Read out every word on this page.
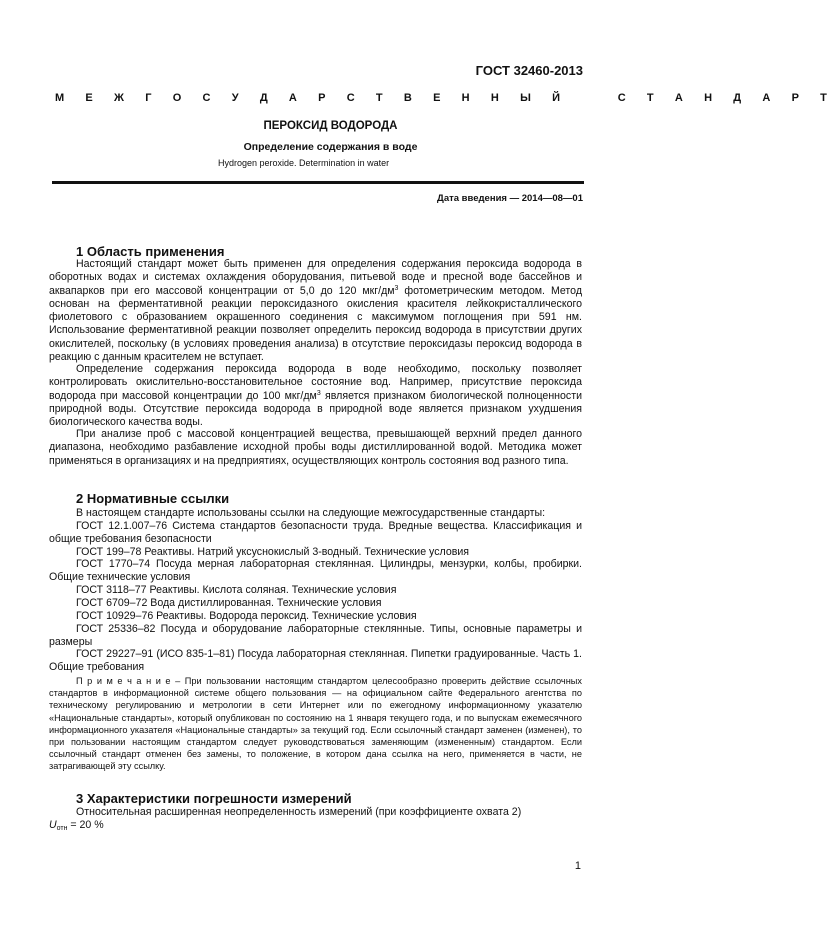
ГОСТ 32460-2013
М Е Ж Г О С У Д А Р С Т В Е Н Н Ы Й    С Т А Н Д А Р Т
ПЕРОКСИД ВОДОРОДА
Определение содержания в воде
Hydrogen peroxide. Determination in water
Дата введения — 2014—08—01
1 Область применения

Настоящий стандарт может быть применен для определения содержания пероксида водорода в оборотных водах и системах охлаждения оборудования, питьевой воде и пресной воде бассейнов и аквапарков при его массовой концентрации от 5,0 до 120 мкг/$дм^3$ фотометрическим методом. Метод основан на ферментативной реакции пероксидазного окисления красителя лейкокристаллического фиолетового с образованием окрашенного соединения с максимумом поглощения при 591 нм. Использование ферментативной реакции позволяет определить пероксид водорода в присутствии других окислителей, поскольку (в условиях проведения анализа) в отсутствие пероксидазы пероксид водорода в реакцию с данным красителем не вступает.

Определение содержания пероксида водорода в воде необходимо, поскольку позволяет контролировать окислительно-восстановительное состояние вод. Например, присутствие пероксида водорода при массовой концентрации до 100 мкг/$дм^3$ является признаком биологической полноценности природной воды. Отсутствие пероксида водорода в природной воде является признаком ухудшения биологического качества воды.

При анализе проб с массовой концентрацией вещества, превышающей верхний предел данного диапазона, необходимо разбавление исходной пробы воды дистиллированной водой. Методика может применяться в организациях и на предприятиях, осуществляющих контроль состояния вод разного типа.

2 Нормативные ссылки

В настоящем стандарте использованы ссылки на следующие межгосударственные стандарты:

ГОСТ 12.1.007–76 Система стандартов безопасности труда. Вредные вещества. Классификация и общие требования безопасности

ГОСТ 199–78 Реактивы. Натрий уксуснокислый 3-водный. Технические условия

ГОСТ 1770–74 Посуда мерная лабораторная стеклянная. Цилиндры, мензурки, колбы, пробирки. Общие технические условия

ГОСТ 3118–77 Реактивы. Кислота соляная. Технические условия

ГОСТ 6709–72 Вода дистиллированная. Технические условия

ГОСТ 10929–76 Реактивы. Водорода пероксид. Технические условия

ГОСТ 25336–82 Посуда и оборудование лабораторные стеклянные. Типы, основные параметры и размеры

ГОСТ 29227–91 (ИСО 835-1–81) Посуда лабораторная стеклянная. Пипетки градуированные. Часть 1. Общие требования

П р и м е ч а н и е – При пользовании настоящим стандартом целесообразно проверить действие ссылочных стандартов в информационной системе общего пользования — на официальном сайте Федерального агентства по техническому регулированию и метрологии в сети Интернет или по ежегодному информационному указателю «Национальные стандарты», который опубликован по состоянию на 1 января текущего года, и по выпускам ежемесячного информационного указателя «Национальные стандарты» за текущий год. Если ссылочный стандарт заменен (изменен), то при пользовании настоящим стандартом следует руководствоваться заменяющим (измененным) стандартом. Если ссылочный стандарт отменен без замены, то положение, в котором дана ссылка на него, применяется в части, не затрагивающей эту ссылку.

3 Характеристики погрешности измерений

Относительная расширенная неопределенность измерений (при коэффициенте охвата 2)

$U_{отн} = 20$ %

1
